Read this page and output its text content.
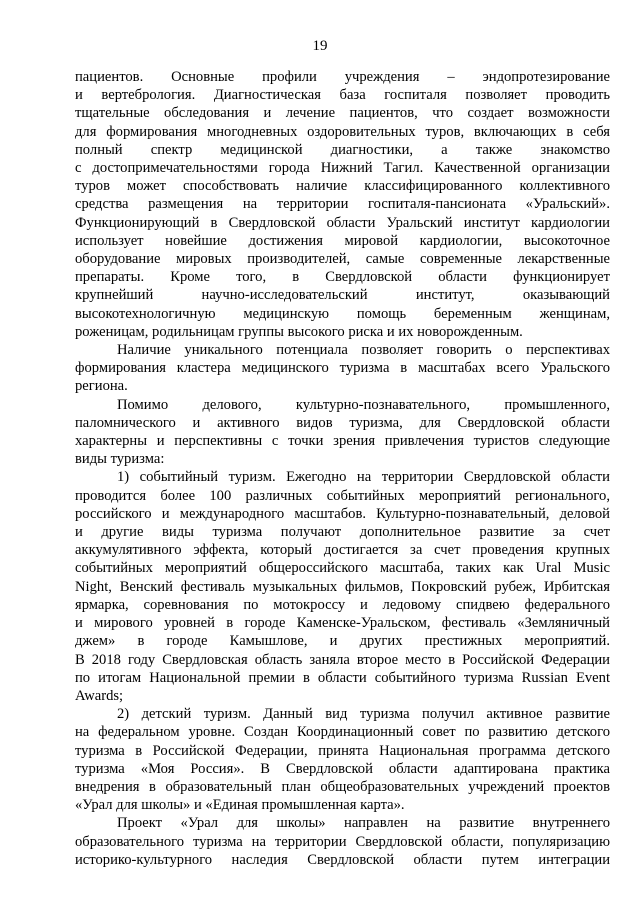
19

пациентов. Основные профили учреждения – эндопротезирование
и вертебрология. Диагностическая база госпиталя позволяет проводить
тщательные обследования и лечение пациентов, что создает возможности
для формирования многодневных оздоровительных туров, включающих в себя
полный спектр медицинской диагностики, а также знакомство
с достопримечательностями города Нижний Тагил. Качественной организации
туров может способствовать наличие классифицированного коллективного
средства размещения на территории госпиталя-пансионата «Уральский».
Функционирующий в Свердловской области Уральский институт кардиологии
использует новейшие достижения мировой кардиологии, высокоточное
оборудование мировых производителей, самые современные лекарственные
препараты. Кроме того, в Свердловской области функционирует
крупнейший научно-исследовательский институт, оказывающий
высокотехнологичную медицинскую помощь беременным женщинам,
роженицам, родильницам группы высокого риска и их новорожденным.

Наличие уникального потенциала позволяет говорить о перспективах
формирования кластера медицинского туризма в масштабах всего Уральского
региона.

Помимо делового, культурно-познавательного, промышленного,
паломнического и активного видов туризма, для Свердловской области
характерны и перспективны с точки зрения привлечения туристов следующие
виды туризма:

1) событийный туризм. Ежегодно на территории Свердловской области
проводится более 100 различных событийных мероприятий регионального,
российского и международного масштабов. Культурно-познавательный, деловой
и другие виды туризма получают дополнительное развитие за счет
аккумулятивного эффекта, который достигается за счет проведения крупных
событийных мероприятий общероссийского масштаба, таких как Ural Music
Night, Венский фестиваль музыкальных фильмов, Покровский рубеж, Ирбитская
ярмарка, соревнования по мотокроссу и ледовому спидвею федерального
и мирового уровней в городе Каменске-Уральском, фестиваль «Земляничный
джем» в городе Камышлове, и других престижных мероприятий.
В 2018 году Свердловская область заняла второе место в Российской Федерации
по итогам Национальной премии в области событийного туризма Russian Event
Awards;

2) детский туризм. Данный вид туризма получил активное развитие
на федеральном уровне. Создан Координационный совет по развитию детского
туризма в Российской Федерации, принята Национальная программа детского
туризма «Моя Россия». В Свердловской области адаптирована практика
внедрения в образовательный план общеобразовательных учреждений проектов
«Урал для школы» и «Единая промышленная карта».

Проект «Урал для школы» направлен на развитие внутреннего
образовательного туризма на территории Свердловской области, популяризацию
историко-культурного наследия Свердловской области путем интеграции
